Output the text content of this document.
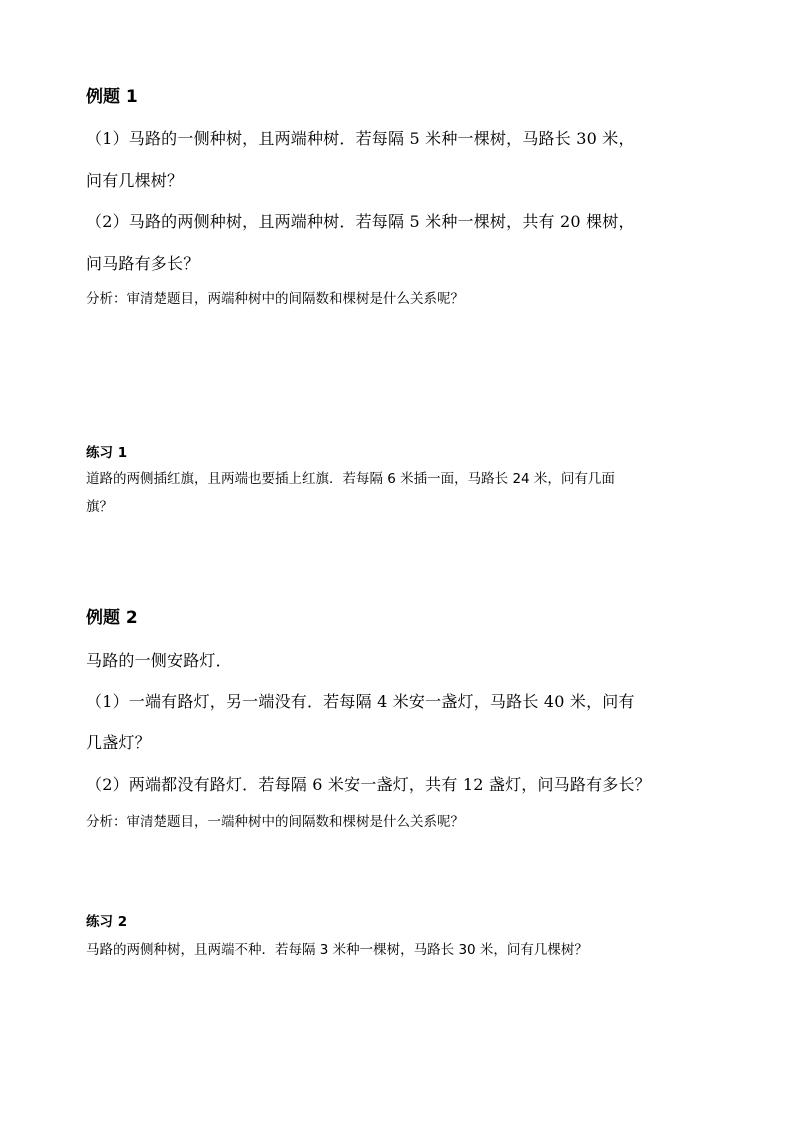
例题 1
（1）马路的一侧种树，且两端种树．若每隔 5 米种一棵树，马路长 30 米，
问有几棵树？
（2）马路的两侧种树，且两端种树．若每隔 5 米种一棵树，共有 20 棵树，
问马路有多长？
分析：审清楚题目，两端种树中的间隔数和棵树是什么关系呢？
练习 1
道路的两侧插红旗，且两端也要插上红旗．若每隔 6 米插一面，马路长 24 米，问有几面
旗？
例题 2
马路的一侧安路灯．
（1）一端有路灯，另一端没有．若每隔 4 米安一盏灯，马路长 40 米，问有
几盏灯？
（2）两端都没有路灯．若每隔 6 米安一盏灯，共有 12 盏灯，问马路有多长？
分析：审清楚题目，一端种树中的间隔数和棵树是什么关系呢？
练习 2
马路的两侧种树，且两端不种．若每隔 3 米种一棵树，马路长 30 米，问有几棵树？
